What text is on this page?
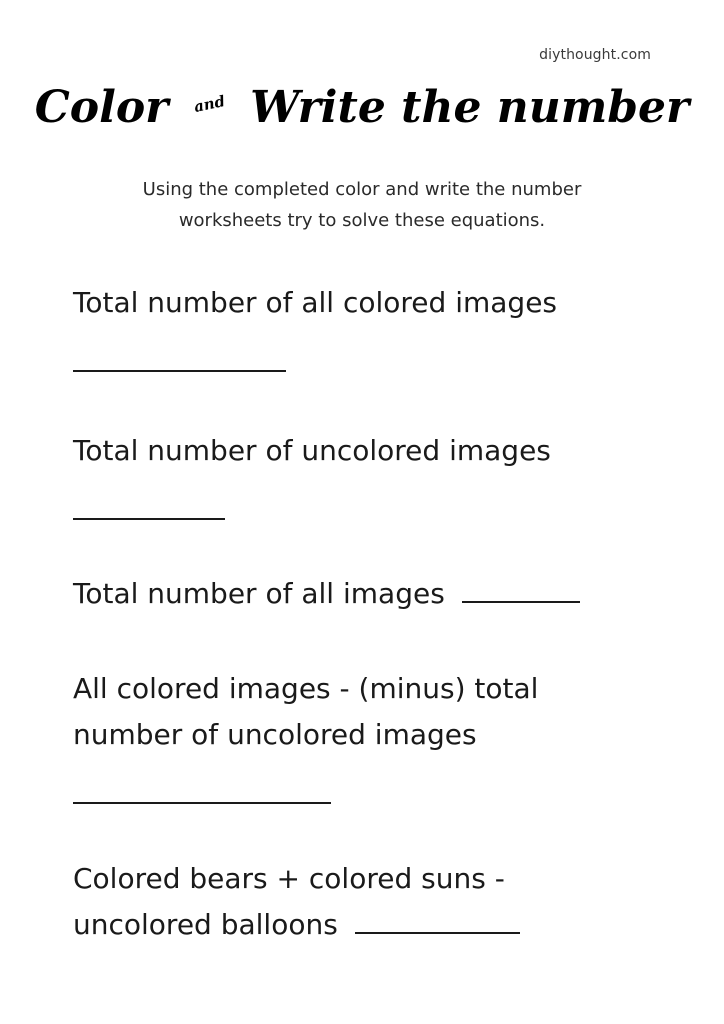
diythought.com
Color and Write the number
Using the completed color and write the number worksheets try to solve these equations.
Total number of all colored images
Total number of uncolored images
Total number of all images
All colored images - (minus) total number of uncolored images
Colored bears + colored suns - uncolored balloons
